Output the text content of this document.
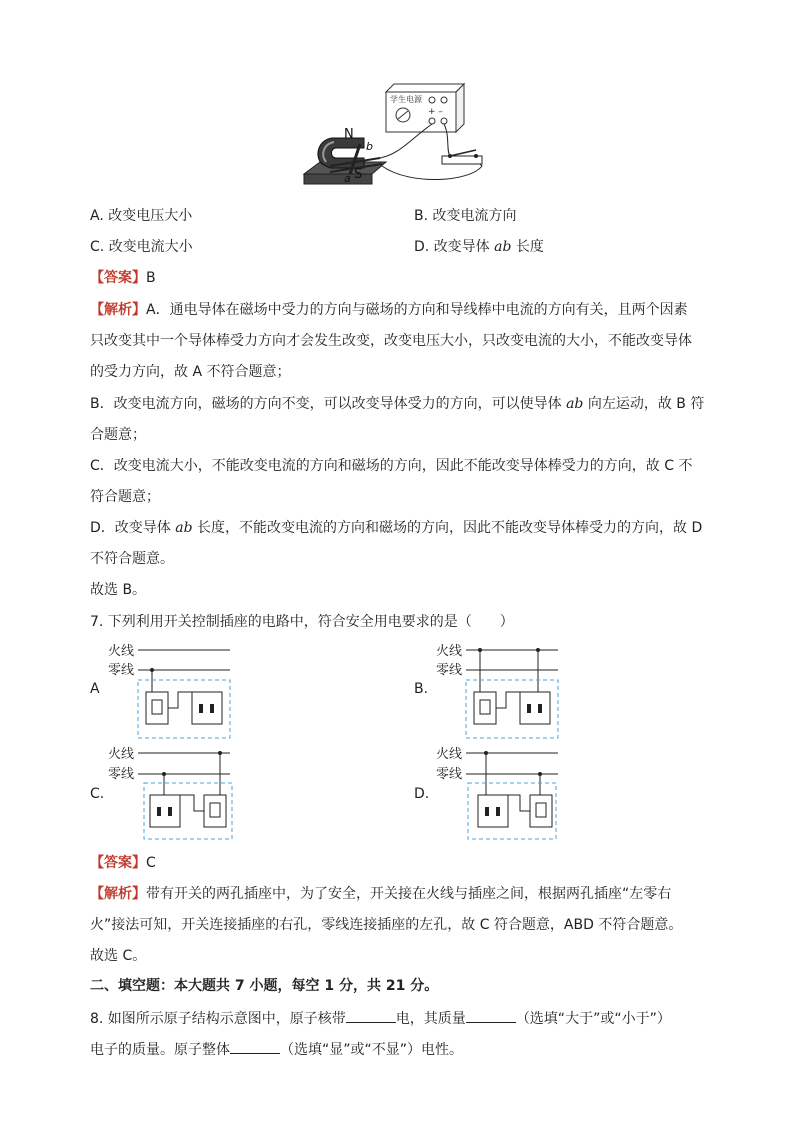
学生电源
+ –
N
S
a
b
A. 改变电压大小	B. 改变电流方向
C. 改变电流大小	D. 改变导体 ab 长度
【答案】B
【解析】A．通电导体在磁场中受力的方向与磁场的方向和导线棒中电流的方向有关，且两个因素
只改变其中一个导体棒受力方向才会发生改变，改变电压大小，只改变电流的大小，不能改变导体
的受力方向，故 A 不符合题意；
B．改变电流方向，磁场的方向不变，可以改变导体受力的方向，可以使导体 ab 向左运动，故 B 符
合题意；
C．改变电流大小，不能改变电流的方向和磁场的方向，因此不能改变导体棒受力的方向，故 C 不
符合题意；
D．改变导体 ab 长度，不能改变电流的方向和磁场的方向，因此不能改变导体棒受力的方向，故 D
不符合题意。
故选 B。
7. 下列利用开关控制插座的电路中，符合安全用电要求的是（　　）
A
火线
零线
B.
火线
零线
C.
火线
零线
D.
火线
零线
【答案】C
【解析】带有开关的两孔插座中，为了安全，开关接在火线与插座之间，根据两孔插座“左零右
火”接法可知，开关连接插座的右孔，零线连接插座的左孔，故 C 符合题意，ABD 不符合题意。
故选 C。
二、填空题：本大题共 7 小题，每空 1 分，共 21 分。
8. 如图所示原子结构示意图中，原子核带	电，其质量	（选填“大于”或“小于”）
电子的质量。原子整体	（选填“显”或“不显”）电性。
